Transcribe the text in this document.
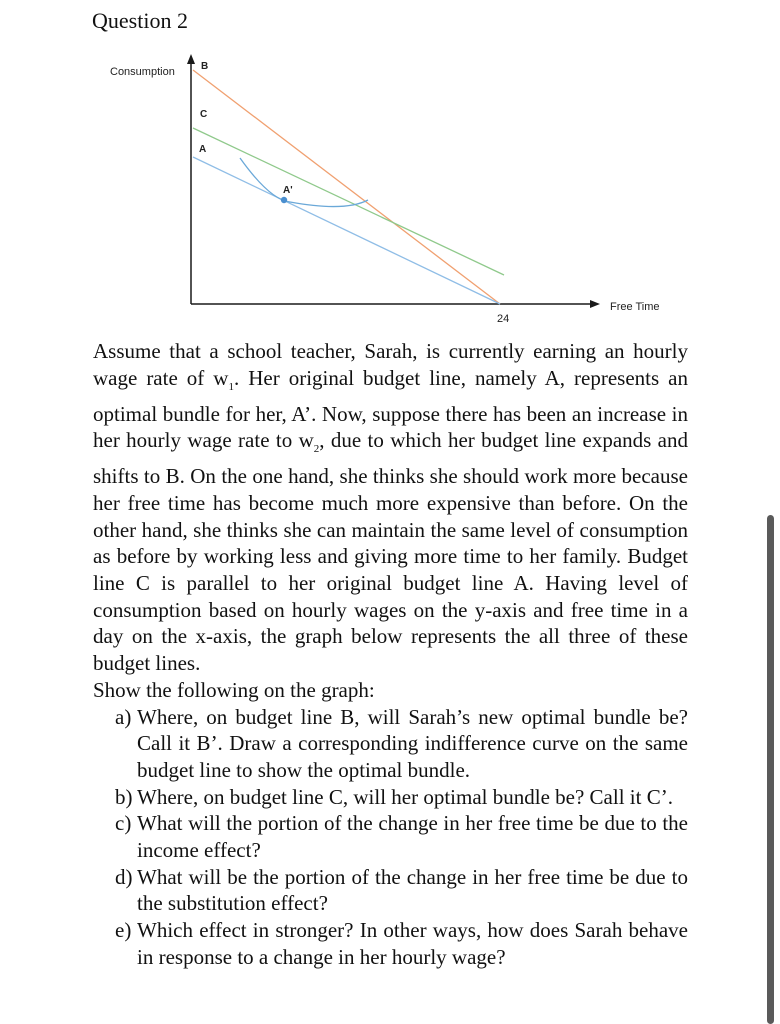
Question 2
Consumption
Free Time
24
B
C
A
A'

Assume that a school teacher, Sarah, is currently earning an hourly wage rate of $w_1$. Her original budget line, namely A, represents an optimal bundle for her, A’. Now, suppose there has been an increase in her hourly wage rate to $w_2$, due to which her budget line expands and shifts to B. On the one hand, she thinks she should work more because her free time has become much more expensive than before. On the other hand, she thinks she can maintain the same level of consumption as before by working less and giving more time to her family. Budget line C is parallel to her original budget line A. Having level of consumption based on hourly wages on the y-axis and free time in a day on the x-axis, the graph below represents the all three of these budget lines.

Show the following on the graph:

a) Where, on budget line B, will Sarah’s new optimal bundle be? Call it B’. Draw a corresponding indifference curve on the same budget line to show the optimal bundle.
b) Where, on budget line C, will her optimal bundle be? Call it C’.
c) What will the portion of the change in her free time be due to the income effect?
d) What will be the portion of the change in her free time be due to the substitution effect?
e) Which effect in stronger? In other ways, how does Sarah behave in response to a change in her hourly wage?
